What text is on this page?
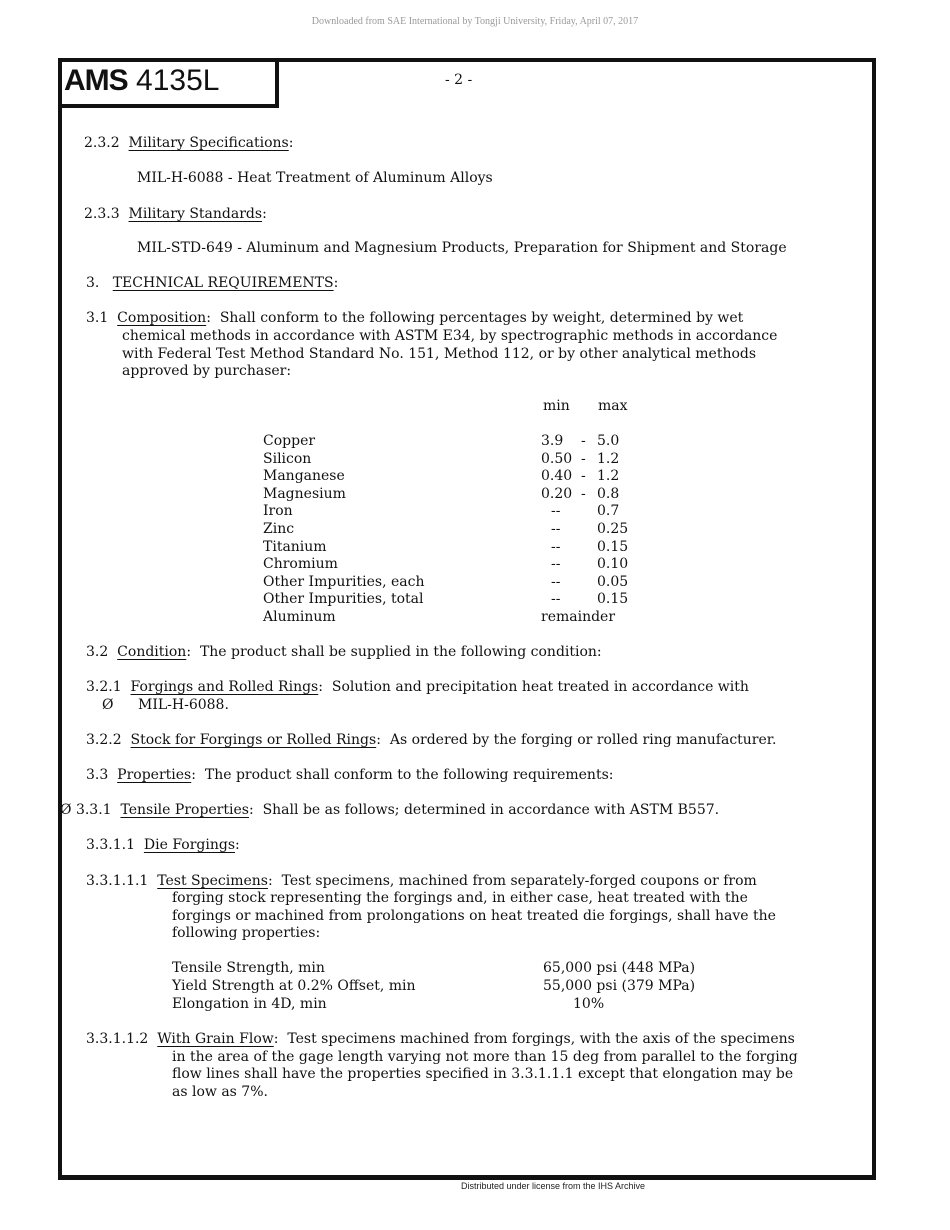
Downloaded from SAE International by Tongji University, Friday, April 07, 2017
AMS 4135L	- 2 -
2.3.2 Military Specifications:
MIL-H-6088 - Heat Treatment of Aluminum Alloys
2.3.3 Military Standards:
MIL-STD-649 - Aluminum and Magnesium Products, Preparation for Shipment and Storage
3. TECHNICAL REQUIREMENTS:
3.1 Composition:  Shall conform to the following percentages by weight, determined by wet
chemical methods in accordance with ASTM E34, by spectrographic methods in accordance
with Federal Test Method Standard No. 151, Method 112, or by other analytical methods
approved by purchaser:
min max
Copper	3.9 - 5.0
Silicon	0.50 - 1.2
Manganese	0.40 - 1.2
Magnesium	0.20 - 0.8
Iron	--	0.7
Zinc	--	0.25
Titanium	--	0.15
Chromium	--	0.10
Other Impurities, each	--	0.05
Other Impurities, total	--	0.15
Aluminum	remainder
3.2 Condition:  The product shall be supplied in the following condition:
3.2.1 Forgings and Rolled Rings:  Solution and precipitation heat treated in accordance with
Ø MIL-H-6088.
3.2.2 Stock for Forgings or Rolled Rings:  As ordered by the forging or rolled ring manufacturer.
3.3 Properties:  The product shall conform to the following requirements:
Ø 3.3.1 Tensile Properties:  Shall be as follows; determined in accordance with ASTM B557.
3.3.1.1 Die Forgings:
3.3.1.1.1 Test Specimens:  Test specimens, machined from separately-forged coupons or from
forging stock representing the forgings and, in either case, heat treated with the
forgings or machined from prolongations on heat treated die forgings, shall have the
following properties:
Tensile Strength, min	65,000 psi (448 MPa)
Yield Strength at 0.2% Offset, min	55,000 psi (379 MPa)
Elongation in 4D, min	10%
3.3.1.1.2 With Grain Flow:  Test specimens machined from forgings, with the axis of the specimens
in the area of the gage length varying not more than 15 deg from parallel to the forging
flow lines shall have the properties specified in 3.3.1.1.1 except that elongation may be
as low as 7%.
Distributed under license from the IHS Archive
